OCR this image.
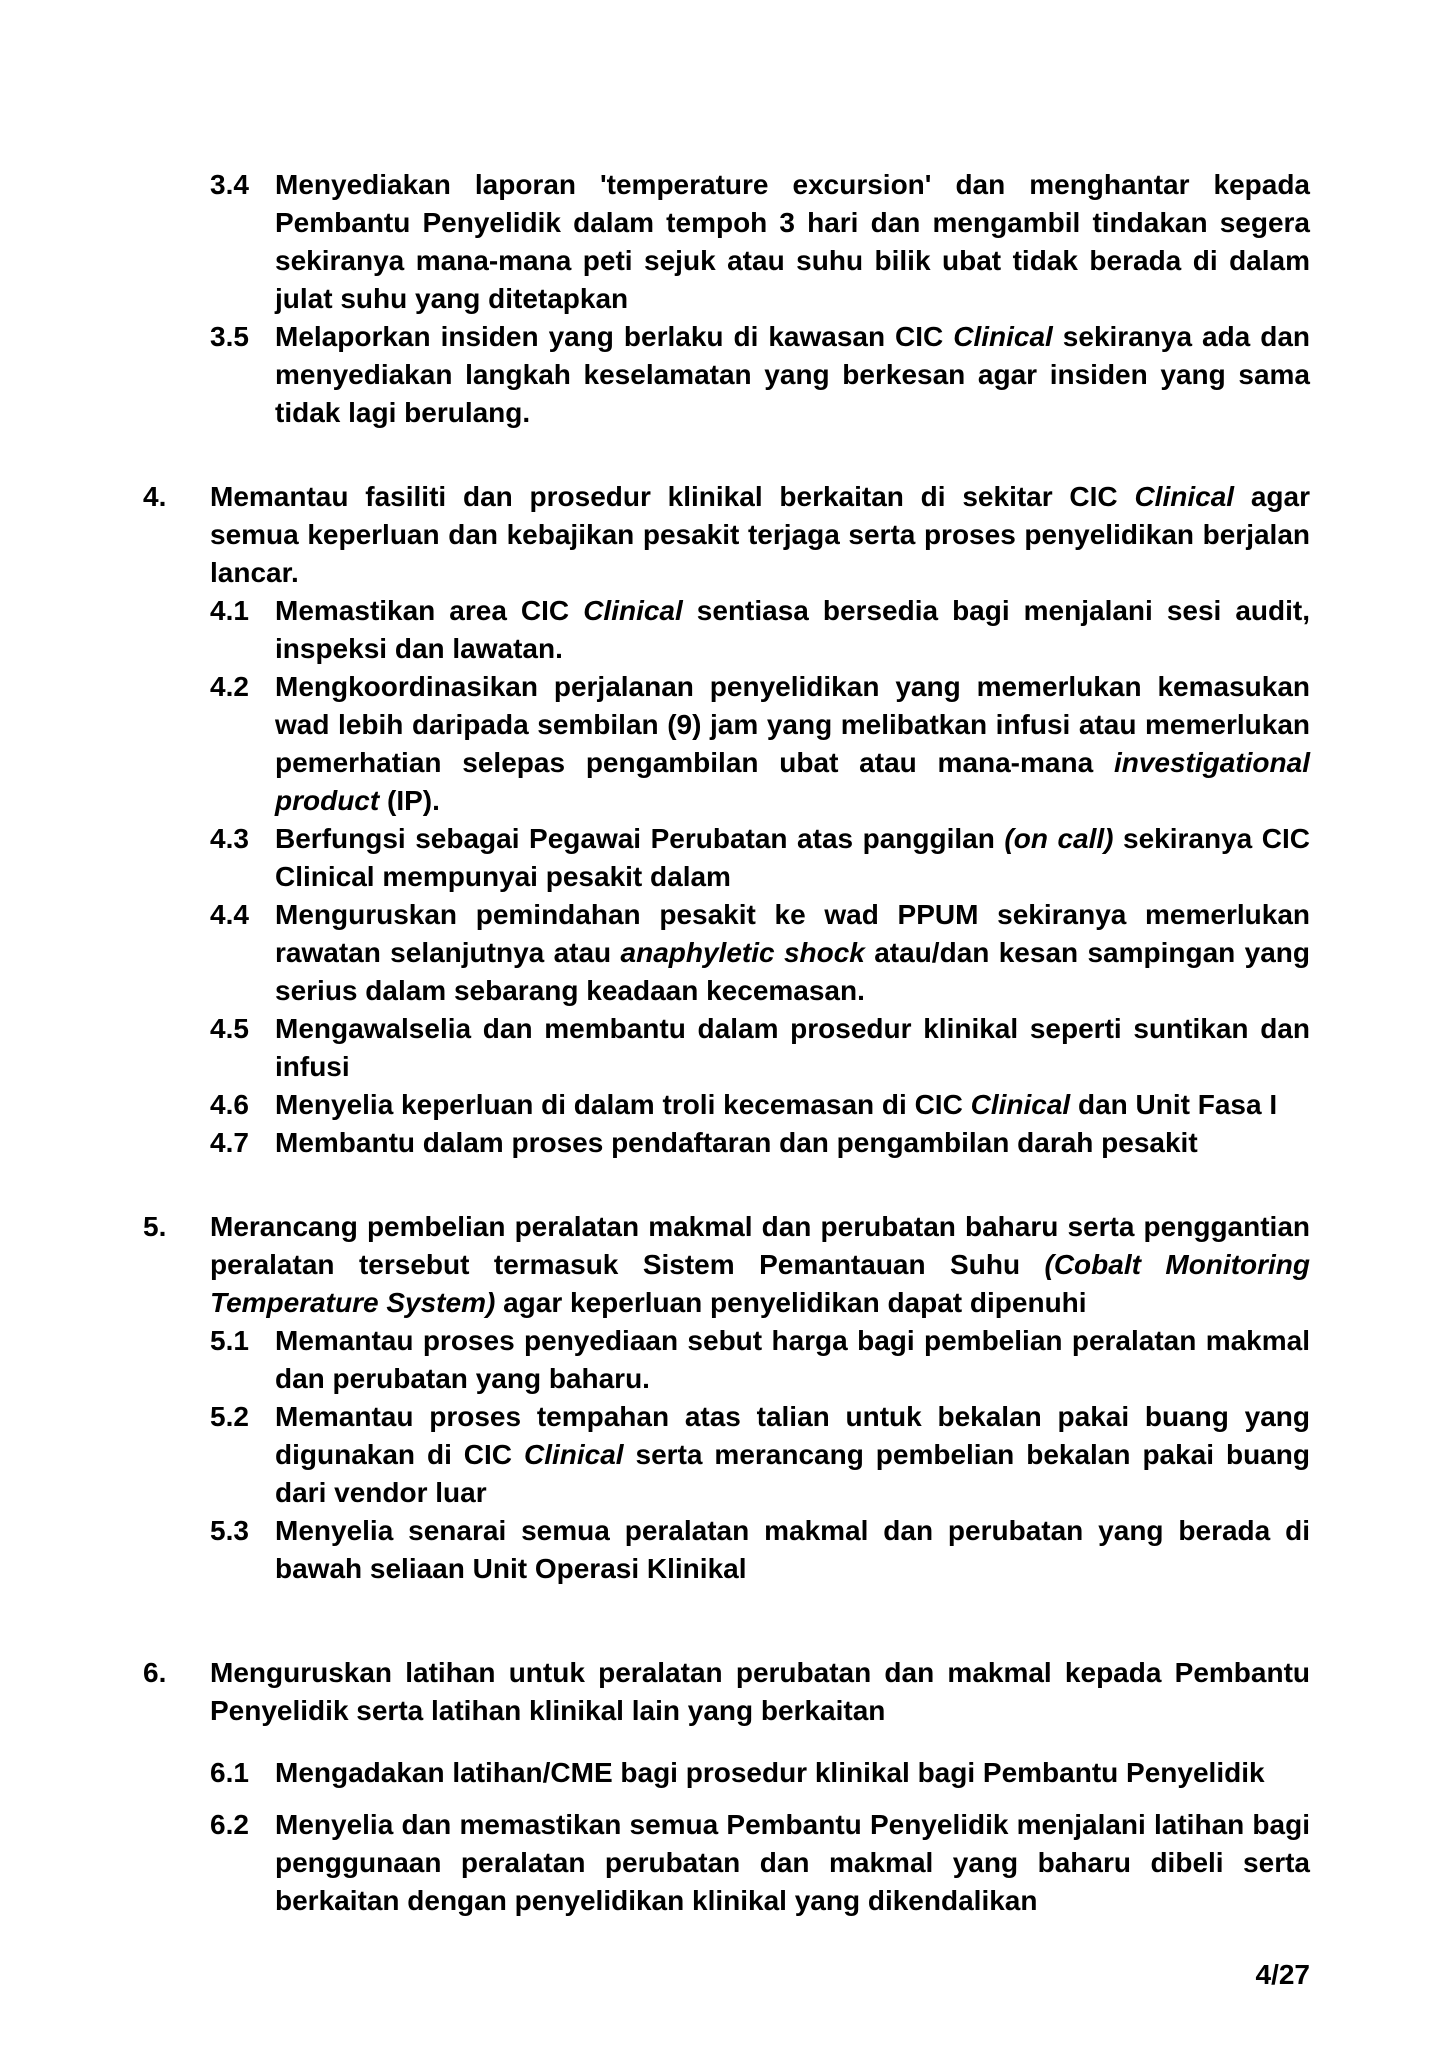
3.4 Menyediakan laporan 'temperature excursion' dan menghantar kepada Pembantu Penyelidik dalam tempoh 3 hari dan mengambil tindakan segera sekiranya mana-mana peti sejuk atau suhu bilik ubat tidak berada di dalam julat suhu yang ditetapkan
3.5 Melaporkan insiden yang berlaku di kawasan CIC Clinical sekiranya ada dan menyediakan langkah keselamatan yang berkesan agar insiden yang sama tidak lagi berulang.
4.	Memantau fasiliti dan prosedur klinikal berkaitan di sekitar CIC Clinical agar semua keperluan dan kebajikan pesakit terjaga serta proses penyelidikan berjalan lancar.
4.1 Memastikan area CIC Clinical sentiasa bersedia bagi menjalani sesi audit, inspeksi dan lawatan.
4.2 Mengkoordinasikan perjalanan penyelidikan yang memerlukan kemasukan wad lebih daripada sembilan (9) jam yang melibatkan infusi atau memerlukan pemerhatian selepas pengambilan ubat atau mana-mana investigational product (IP).
4.3 Berfungsi sebagai Pegawai Perubatan atas panggilan (on call) sekiranya CIC Clinical mempunyai pesakit dalam
4.4 Menguruskan pemindahan pesakit ke wad PPUM sekiranya memerlukan rawatan selanjutnya atau anaphyletic shock atau/dan kesan sampingan yang serius dalam sebarang keadaan kecemasan.
4.5 Mengawalselia dan membantu dalam prosedur klinikal seperti suntikan dan infusi
4.6 Menyelia keperluan di dalam troli kecemasan di CIC Clinical dan Unit Fasa I
4.7 Membantu dalam proses pendaftaran dan pengambilan darah pesakit
5.	Merancang pembelian peralatan makmal dan perubatan baharu serta penggantian peralatan tersebut termasuk Sistem Pemantauan Suhu (Cobalt Monitoring Temperature System) agar keperluan penyelidikan dapat dipenuhi
5.1 Memantau proses penyediaan sebut harga bagi pembelian peralatan makmal dan perubatan yang baharu.
5.2 Memantau proses tempahan atas talian untuk bekalan pakai buang yang digunakan di CIC Clinical serta merancang pembelian bekalan pakai buang dari vendor luar
5.3 Menyelia senarai semua peralatan makmal dan perubatan yang berada di bawah seliaan Unit Operasi Klinikal
6.	Menguruskan latihan untuk peralatan perubatan dan makmal kepada Pembantu Penyelidik serta latihan klinikal lain yang berkaitan
6.1 Mengadakan latihan/CME bagi prosedur klinikal bagi Pembantu Penyelidik
6.2 Menyelia dan memastikan semua Pembantu Penyelidik menjalani latihan bagi penggunaan peralatan perubatan dan makmal yang baharu dibeli serta berkaitan dengan penyelidikan klinikal yang dikendalikan
4/27
